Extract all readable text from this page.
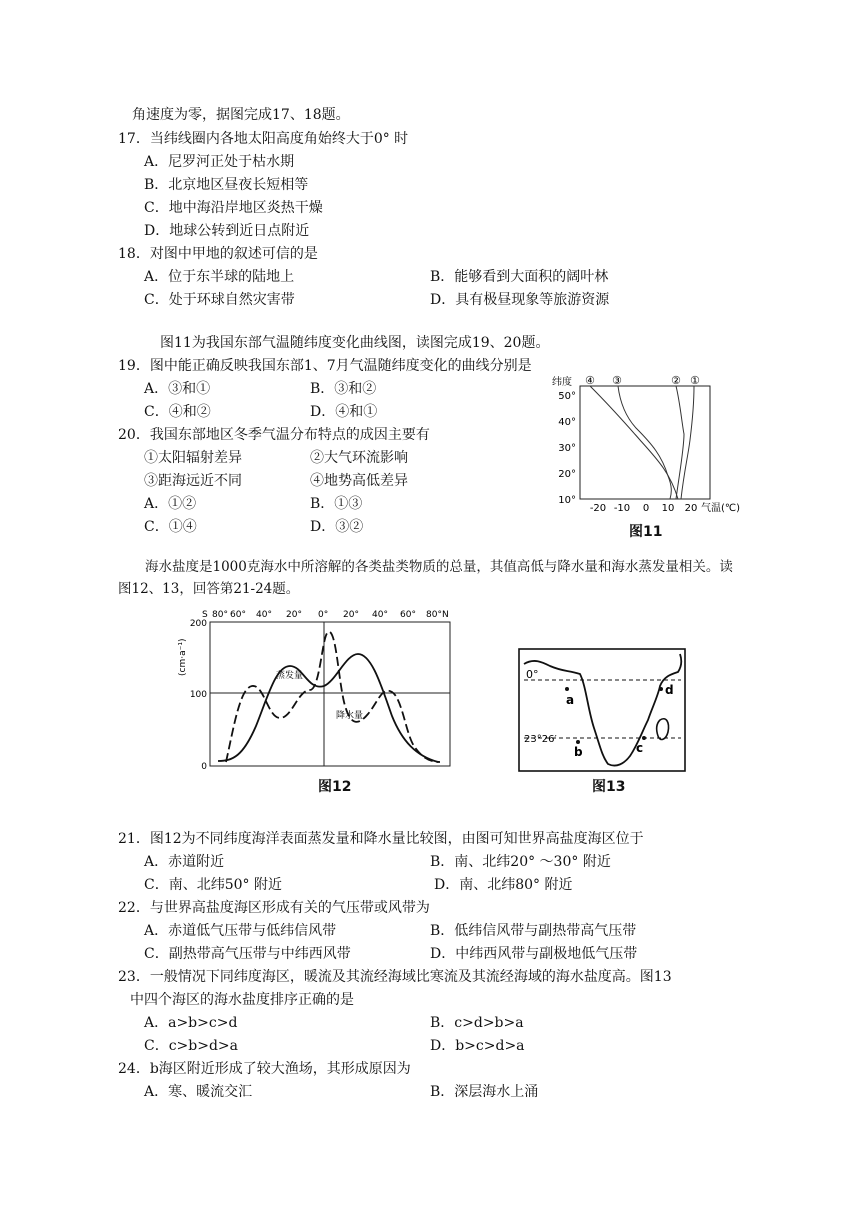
角速度为零，据图完成17、18题。
17．当纬线圈内各地太阳高度角始终大于0° 时
A．尼罗河正处于枯水期
B．北京地区昼夜长短相等
C．地中海沿岸地区炎热干燥
D．地球公转到近日点附近
18．对图中甲地的叙述可信的是
A．位于东半球的陆地上	B．能够看到大面积的阔叶林
C．处于环球自然灾害带	D．具有极昼现象等旅游资源
图11为我国东部气温随纬度变化曲线图，读图完成19、20题。
19．图中能正确反映我国东部1、7月气温随纬度变化的曲线分别是
A．③和①	B．③和②
C．④和②	D．④和①
20．我国东部地区冬季气温分布特点的成因主要有
①太阳辐射差异	②大气环流影响
③距海远近不同	④地势高低差异
A．①②	B．①③
C．①④	D．③②
纬度 ④ ③	② ①
50°
40°
30°
20°
10°
-20 -10 0 10 20 气温(℃)
图11
海水盐度是1000克海水中所溶解的各类盐类物质的总量，其值高低与降水量和海水蒸发量相关。读图12、13，回答第21-24题。
S 80° 60° 40° 20° 0° 20° 40° 60° 80°N
200
100
0
(cm·a⁻¹)	蒸发量
降水量
图12
0°
23°26′
a
b	c
d
图13
21．图12为不同纬度海洋表面蒸发量和降水量比较图，由图可知世界高盐度海区位于
A．赤道附近	B．南、北纬20° ～30° 附近
C．南、北纬50° 附近	D．南、北纬80° 附近
22．与世界高盐度海区形成有关的气压带或风带为
A．赤道低气压带与低纬信风带	B．低纬信风带与副热带高气压带
C．副热带高气压带与中纬西风带	D．中纬西风带与副极地低气压带
23．一般情况下同纬度海区，暖流及其流经海域比寒流及其流经海域的海水盐度高。图13
中四个海区的海水盐度排序正确的是
A．a>b>c>d	B．c>d>b>a
C．c>b>d>a	D．b>c>d>a
24．b海区附近形成了较大渔场，其形成原因为
A．寒、暖流交汇	B．深层海水上涌
